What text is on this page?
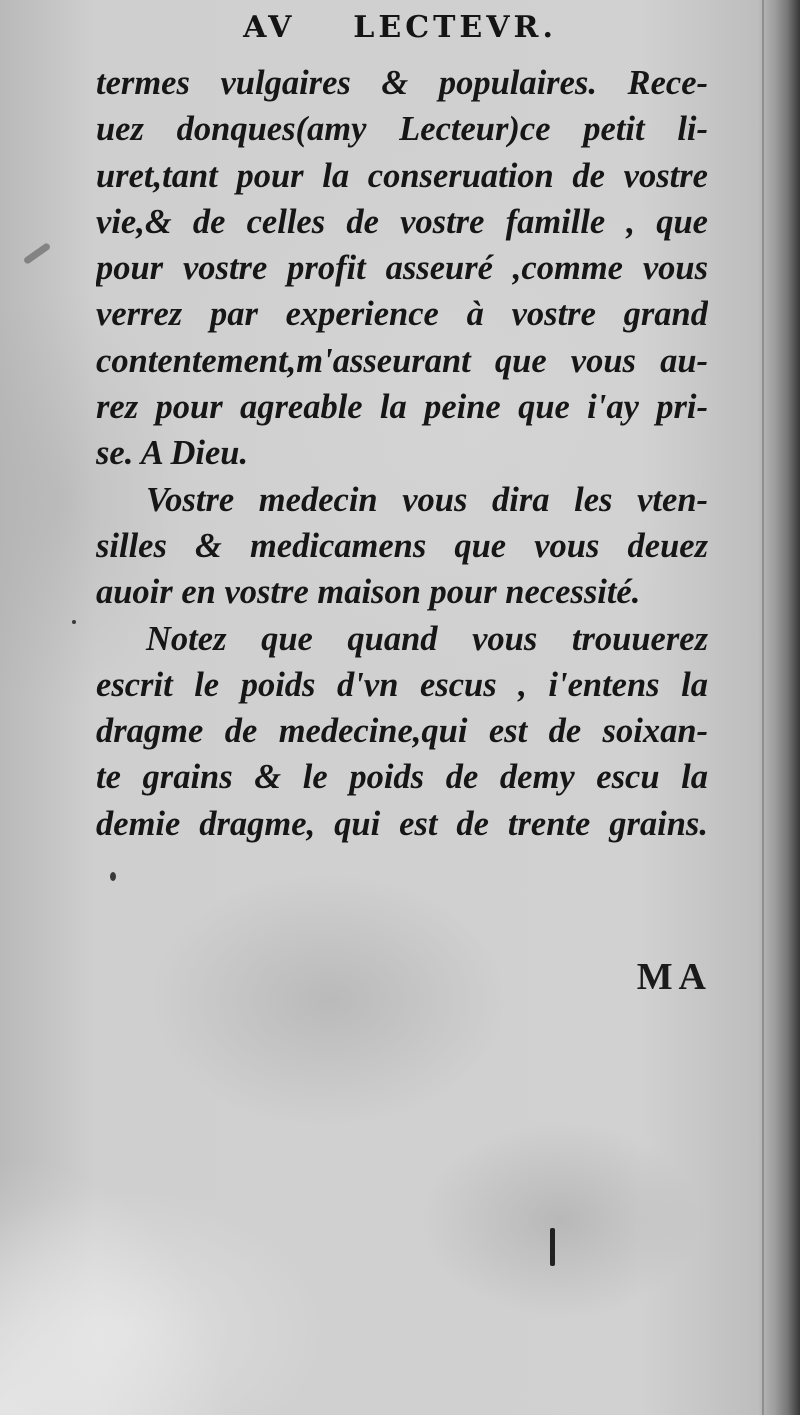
AV LECTEVR.
termes vulgaires & populaires. Rece-
uez donques(amy Lecteur)ce petit li-
uret,tant pour la conseruation de vostre
vie,& de celles de vostre famille , que
pour vostre profit asseuré ,comme vous
verrez par experience à vostre grand
contentement,m'asseurant que vous au-
rez pour agreable la peine que i'ay pri-
se. A Dieu.
Vostre medecin vous dira les vten-
silles & medicamens que vous deuez
auoir en vostre maison pour necessité.
Notez que quand vous trouuerez
escrit le poids d'vn escus , i'entens la
dragme de medecine,qui est de soixan-
te grains & le poids de demy escu la
demie dragme, qui est de trente grains.
MA
